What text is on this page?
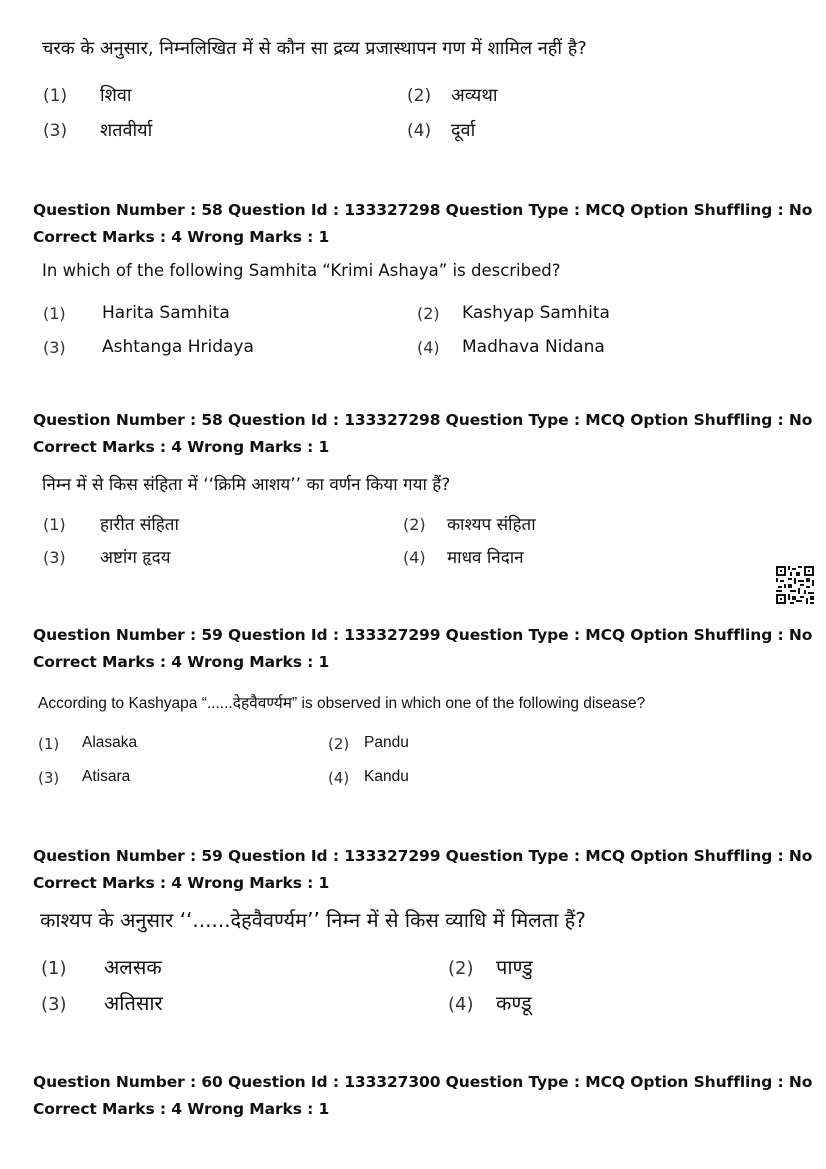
चरक के अनुसार, निम्नलिखित में से कौन सा द्रव्य प्रजास्थापन गण में शामिल नहीं है?
(1) शिवा	(2) अव्यथा
(3) शतवीर्या	(4) दूर्वा
Question Number : 58 Question Id : 133327298 Question Type : MCQ Option Shuffling : No
Correct Marks : 4 Wrong Marks : 1
In which of the following Samhita “Krimi Ashaya” is described?
(1) Harita Samhita	(2) Kashyap Samhita
(3) Ashtanga Hridaya	(4) Madhava Nidana
Question Number : 58 Question Id : 133327298 Question Type : MCQ Option Shuffling : No
Correct Marks : 4 Wrong Marks : 1
निम्न में से किस संहिता में ‘‘क्रिमि आशय’’ का वर्णन किया गया हैं?
(1) हारीत संहिता	(2) काश्यप संहिता
(3) अष्टांग हृदय	(4) माधव निदान
Question Number : 59 Question Id : 133327299 Question Type : MCQ Option Shuffling : No
Correct Marks : 4 Wrong Marks : 1
According to Kashyapa “......देहवैवर्ण्यम” is observed in which one of the following disease?
(1) Alasaka	(2) Pandu
(3) Atisara	(4) Kandu
Question Number : 59 Question Id : 133327299 Question Type : MCQ Option Shuffling : No
Correct Marks : 4 Wrong Marks : 1
काश्यप के अनुसार ‘‘......देहवैवर्ण्यम’’ निम्न में से किस व्याधि में मिलता हैं?
(1) अलसक	(2) पाण्डु
(3) अतिसार	(4) कण्डू
Question Number : 60 Question Id : 133327300 Question Type : MCQ Option Shuffling : No
Correct Marks : 4 Wrong Marks : 1
